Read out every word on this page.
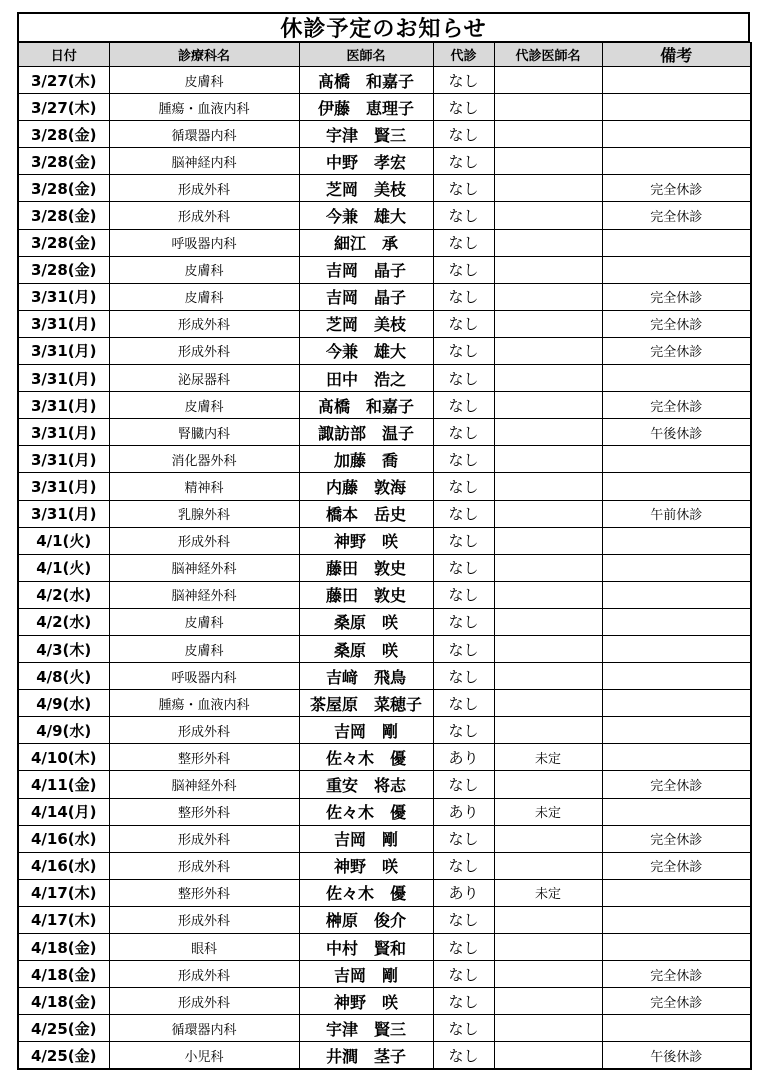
休診予定のお知らせ
日付	診療科名	医師名	代診	代診医師名	備考
3/27(木)	皮膚科	髙橋　和嘉子	なし		
3/27(木)	腫瘍・血液内科	伊藤　恵理子	なし		
3/28(金)	循環器内科	宇津　賢三	なし		
3/28(金)	脳神経内科	中野　孝宏	なし		
3/28(金)	形成外科	芝岡　美枝	なし		完全休診
3/28(金)	形成外科	今兼　雄大	なし		完全休診
3/28(金)	呼吸器内科	細江　承	なし		
3/28(金)	皮膚科	吉岡　晶子	なし		
3/31(月)	皮膚科	吉岡　晶子	なし		完全休診
3/31(月)	形成外科	芝岡　美枝	なし		完全休診
3/31(月)	形成外科	今兼　雄大	なし		完全休診
3/31(月)	泌尿器科	田中　浩之	なし		
3/31(月)	皮膚科	髙橋　和嘉子	なし		完全休診
3/31(月)	腎臓内科	諏訪部　温子	なし		午後休診
3/31(月)	消化器外科	加藤　喬	なし		
3/31(月)	精神科	内藤　敦海	なし		
3/31(月)	乳腺外科	橋本　岳史	なし		午前休診
4/1(火)	形成外科	神野　咲	なし		
4/1(火)	脳神経外科	藤田　敦史	なし		
4/2(水)	脳神経外科	藤田　敦史	なし		
4/2(水)	皮膚科	桑原　咲	なし		
4/3(木)	皮膚科	桑原　咲	なし		
4/8(火)	呼吸器内科	吉﨑　飛鳥	なし		
4/9(水)	腫瘍・血液内科	茶屋原　菜穂子	なし		
4/9(水)	形成外科	吉岡　剛	なし		
4/10(木)	整形外科	佐々木　優	あり	未定	
4/11(金)	脳神経外科	重安　将志	なし		完全休診
4/14(月)	整形外科	佐々木　優	あり	未定	
4/16(水)	形成外科	吉岡　剛	なし		完全休診
4/16(水)	形成外科	神野　咲	なし		完全休診
4/17(木)	整形外科	佐々木　優	あり	未定	
4/17(木)	形成外科	榊原　俊介	なし		
4/18(金)	眼科	中村　賢和	なし		
4/18(金)	形成外科	吉岡　剛	なし		完全休診
4/18(金)	形成外科	神野　咲	なし		完全休診
4/25(金)	循環器内科	宇津　賢三	なし		
4/25(金)	小児科	井澗　茎子	なし		午後休診
